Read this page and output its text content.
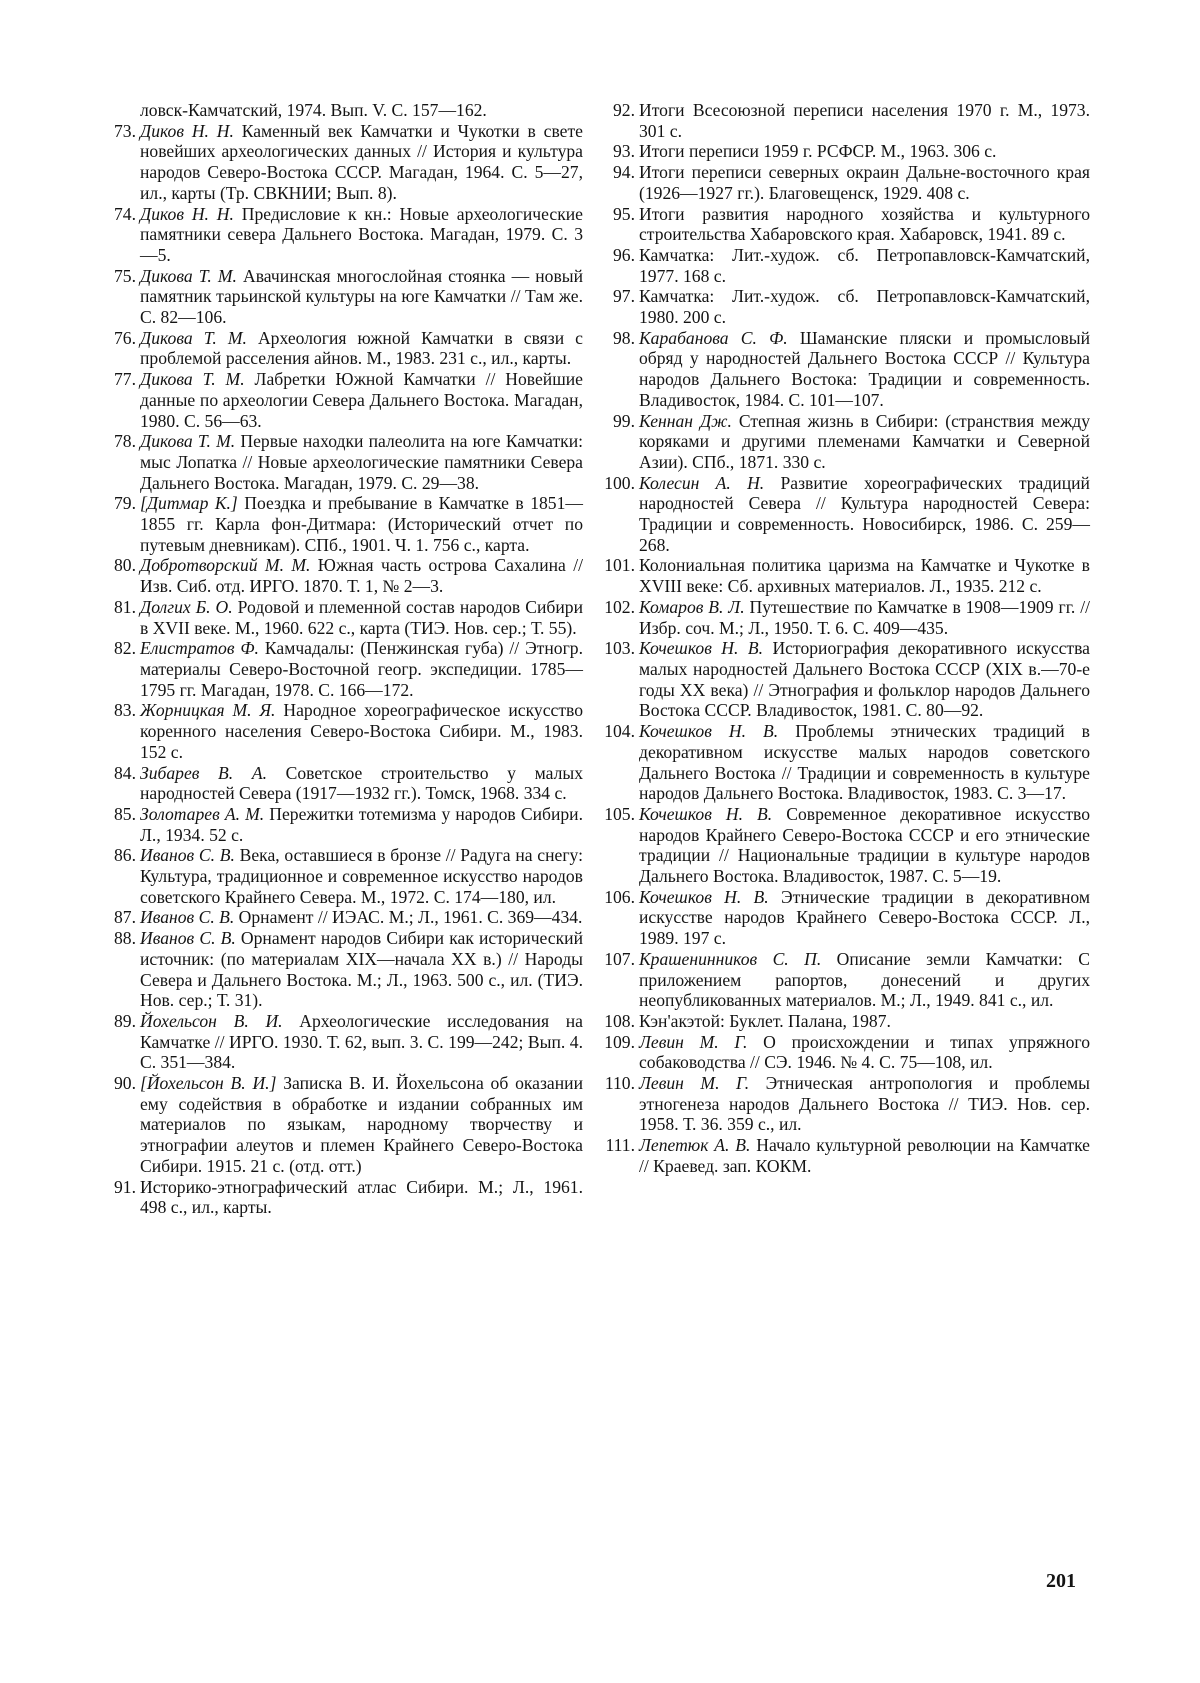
ловск-Камчатский, 1974. Вып. V. С. 157—162.
73. Диков Н. Н. Каменный век Камчатки и Чукотки в свете новейших археологических данных // История и культура народов Северо-Востока СССР. Магадан, 1964. С. 5—27, ил., карты (Тр. СВКНИИ; Вып. 8).
74. Диков Н. Н. Предисловие к кн.: Новые археологические памятники севера Дальнего Востока. Магадан, 1979. С. 3—5.
75. Дикова Т. М. Авачинская многослойная стоянка — новый памятник тарьинской культуры на юге Камчатки // Там же. С. 82—106.
76. Дикова Т. М. Археология южной Камчатки в связи с проблемой расселения айнов. М., 1983. 231 с., ил., карты.
77. Дикова Т. М. Лабретки Южной Камчатки // Новейшие данные по археологии Севера Дальнего Востока. Магадан, 1980. С. 56—63.
78. Дикова Т. М. Первые находки палеолита на юге Камчатки: мыс Лопатка // Новые археологические памятники Севера Дальнего Востока. Магадан, 1979. С. 29—38.
79. [Дитмар К.] Поездка и пребывание в Камчатке в 1851—1855 гг. Карла фон-Дитмара: (Исторический отчет по путевым дневникам). СПб., 1901. Ч. 1. 756 с., карта.
80. Добротворский М. М. Южная часть острова Сахалина // Изв. Сиб. отд. ИРГО. 1870. Т. 1, № 2—3.
81. Долгих Б. О. Родовой и племенной состав народов Сибири в XVII веке. М., 1960. 622 с., карта (ТИЭ. Нов. сер.; Т. 55).
82. Елистратов Ф. Камчадалы: (Пенжинская губа) // Этногр. материалы Северо-Восточной геогр. экспедиции. 1785—1795 гг. Магадан, 1978. С. 166—172.
83. Жорницкая М. Я. Народное хореографическое искусство коренного населения Северо-Востока Сибири. М., 1983. 152 с.
84. Зибарев В. А. Советское строительство у малых народностей Севера (1917—1932 гг.). Томск, 1968. 334 с.
85. Золотарев А. М. Пережитки тотемизма у народов Сибири. Л., 1934. 52 с.
86. Иванов С. В. Века, оставшиеся в бронзе // Радуга на снегу: Культура, традиционное и современное искусство народов советского Крайнего Севера. М., 1972. С. 174—180, ил.
87. Иванов С. В. Орнамент // ИЭАС. М.; Л., 1961. С. 369—434.
88. Иванов С. В. Орнамент народов Сибири как исторический источник: (по материалам XIX—начала XX в.) // Народы Севера и Дальнего Востока. М.; Л., 1963. 500 с., ил. (ТИЭ. Нов. сер.; Т. 31).
89. Йохельсон В. И. Археологические исследования на Камчатке // ИРГО. 1930. Т. 62, вып. 3. С. 199—242; Вып. 4. С. 351—384.
90. [Йохельсон В. И.] Записка В. И. Йохельсона об оказании ему содействия в обработке и издании собранных им материалов по языкам, народному творчеству и этнографии алеутов и племен Крайнего Северо-Востока Сибири. 1915. 21 с. (отд. отт.)
91. Историко-этнографический атлас Сибири. М.; Л., 1961. 498 с., ил., карты.
92. Итоги Всесоюзной переписи населения 1970 г. М., 1973. 301 с.
93. Итоги переписи 1959 г. РСФСР. М., 1963. 306 с.
94. Итоги переписи северных окраин Дальне-восточного края (1926—1927 гг.). Благовещенск, 1929. 408 с.
95. Итоги развития народного хозяйства и культурного строительства Хабаровского края. Хабаровск, 1941. 89 с.
96. Камчатка: Лит.-худож. сб. Петропавловск-Камчатский, 1977. 168 с.
97. Камчатка: Лит.-худож. сб. Петропавловск-Камчатский, 1980. 200 с.
98. Карабанова С. Ф. Шаманские пляски и промысловый обряд у народностей Дальнего Востока СССР // Культура народов Дальнего Востока: Традиции и современность. Владивосток, 1984. С. 101—107.
99. Кеннан Дж. Степная жизнь в Сибири: (странствия между коряками и другими племенами Камчатки и Северной Азии). СПб., 1871. 330 с.
100. Колесин А. Н. Развитие хореографических традиций народностей Севера // Культура народностей Севера: Традиции и современность. Новосибирск, 1986. С. 259—268.
101. Колониальная политика царизма на Камчатке и Чукотке в XVIII веке: Сб. архивных материалов. Л., 1935. 212 с.
102. Комаров В. Л. Путешествие по Камчатке в 1908—1909 гг. // Избр. соч. М.; Л., 1950. Т. 6. С. 409—435.
103. Кочешков Н. В. Историография декоративного искусства малых народностей Дальнего Востока СССР (XIX в.—70-е годы XX века) // Этнография и фольклор народов Дальнего Востока СССР. Владивосток, 1981. С. 80—92.
104. Кочешков Н. В. Проблемы этнических традиций в декоративном искусстве малых народов советского Дальнего Востока // Традиции и современность в культуре народов Дальнего Востока. Владивосток, 1983. С. 3—17.
105. Кочешков Н. В. Современное декоративное искусство народов Крайнего Северо-Востока СССР и его этнические традиции // Национальные традиции в культуре народов Дальнего Востока. Владивосток, 1987. С. 5—19.
106. Кочешков Н. В. Этнические традиции в декоративном искусстве народов Крайнего Северо-Востока СССР. Л., 1989. 197 с.
107. Крашенинников С. П. Описание земли Камчатки: С приложением рапортов, донесений и других неопубликованных материалов. М.; Л., 1949. 841 с., ил.
108. Кэн'акэтой: Буклет. Палана, 1987.
109. Левин М. Г. О происхождении и типах упряжного собаководства // СЭ. 1946. № 4. С. 75—108, ил.
110. Левин М. Г. Этническая антропология и проблемы этногенеза народов Дальнего Востока // ТИЭ. Нов. сер. 1958. Т. 36. 359 с., ил.
111. Лепетюк А. В. Начало культурной революции на Камчатке // Краевед. зап. КОКМ.
201
